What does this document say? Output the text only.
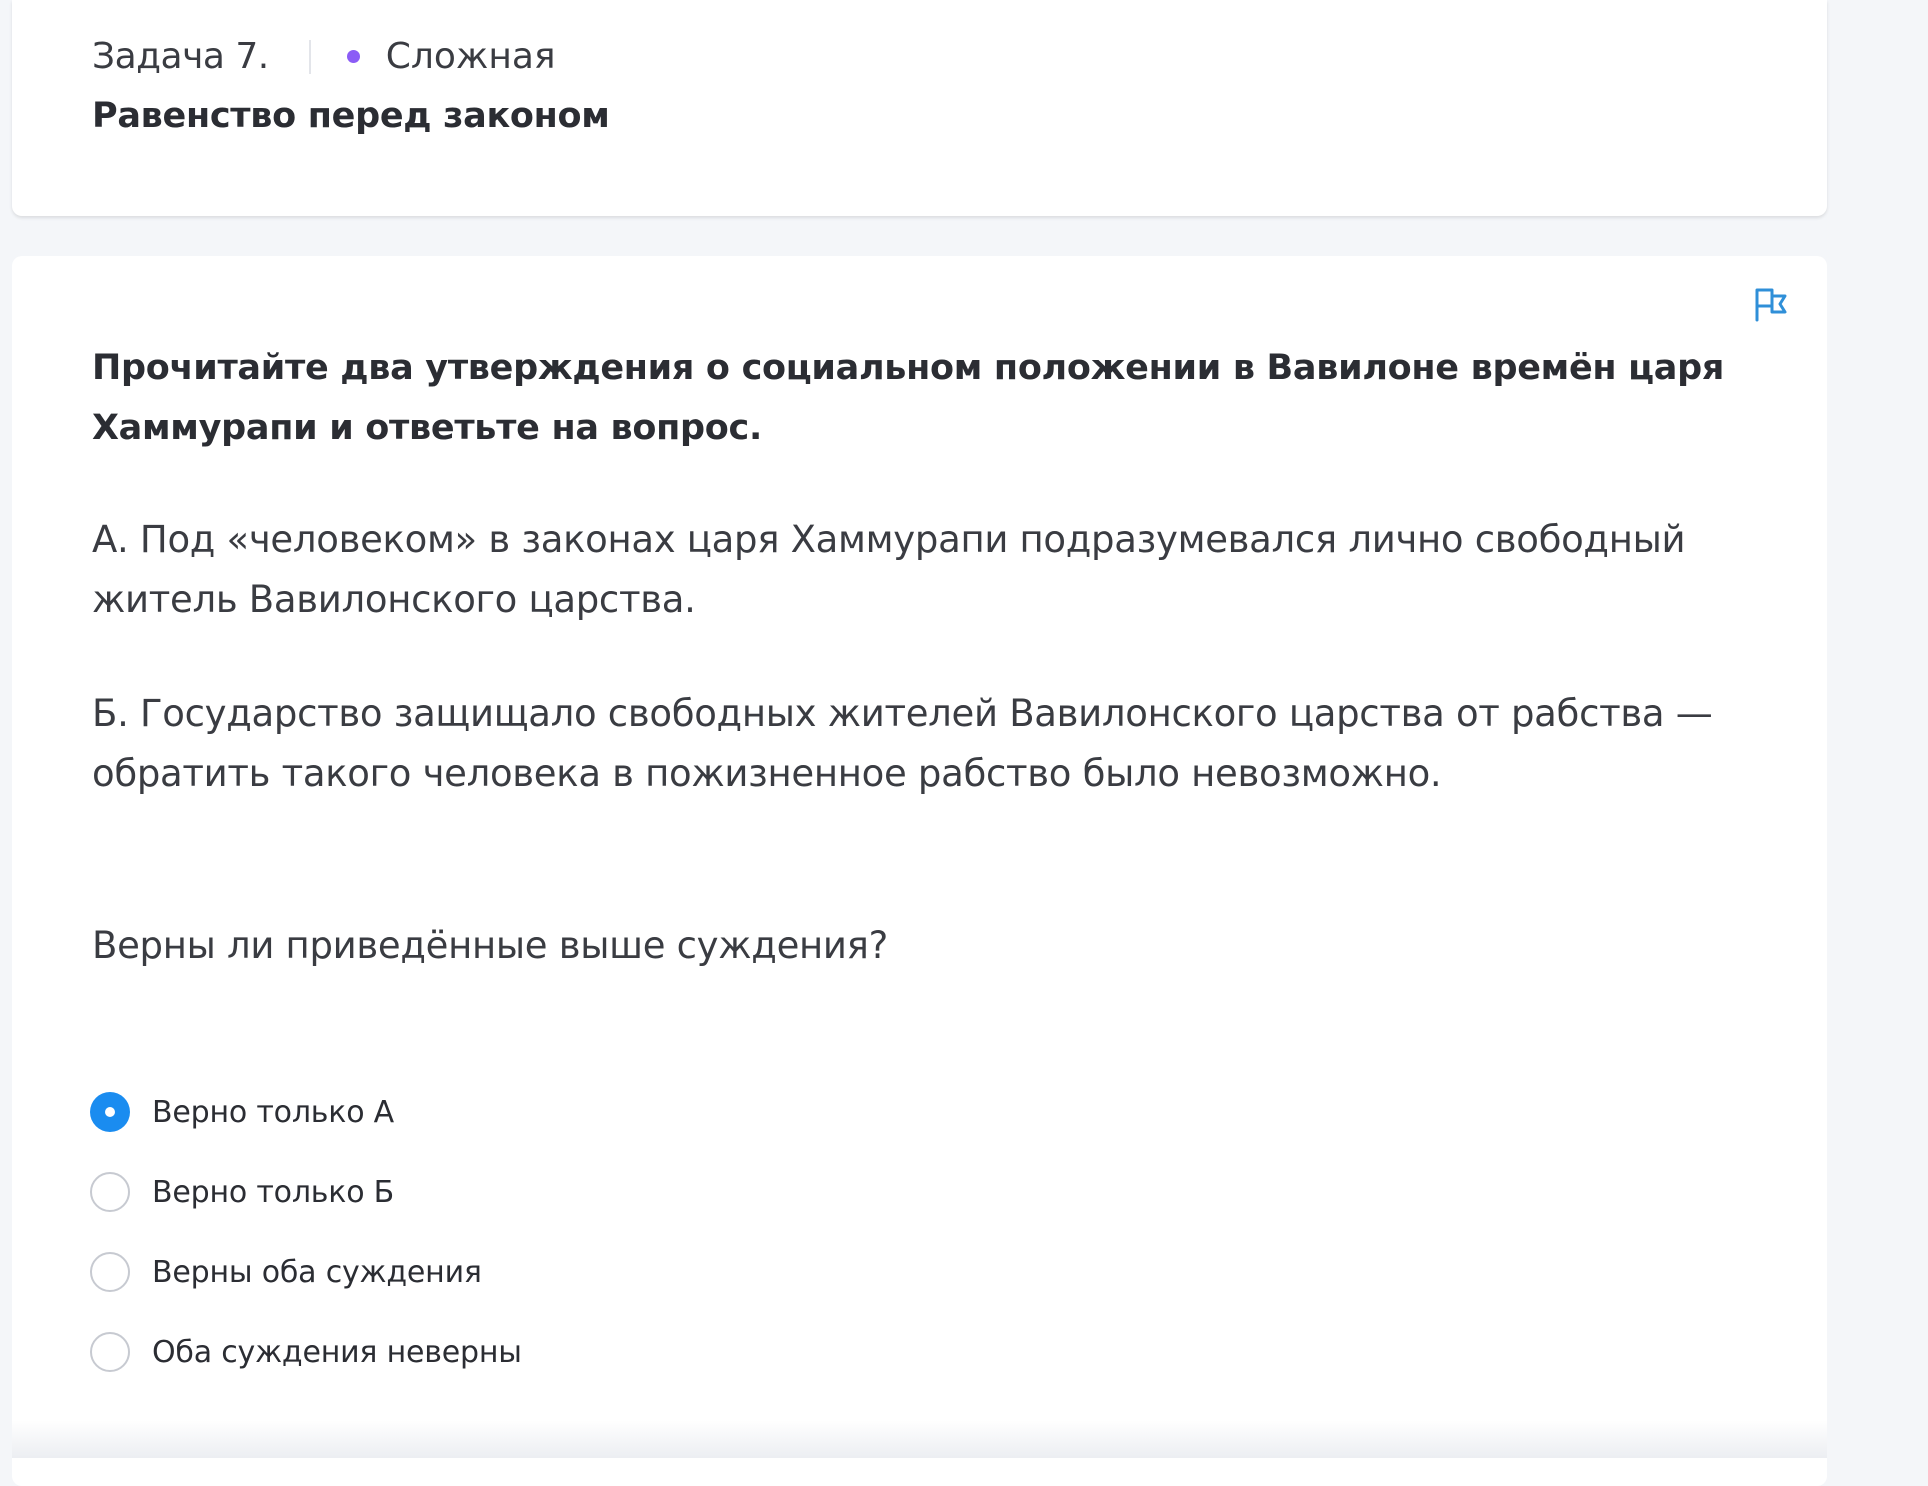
Задача 7.	Сложная
Равенство перед законом
Прочитайте два утверждения о социальном положении в Вавилоне времён царя Хаммурапи и ответьте на вопрос.
А. Под «человеком» в законах царя Хаммурапи подразумевался лично свободный житель Вавилонского царства.
Б. Государство защищало свободных жителей Вавилонского царства от рабства — обратить такого человека в пожизненное рабство было невозможно.
Верны ли приведённые выше суждения?
Верно только А
Верно только Б
Верны оба суждения
Оба суждения неверны
